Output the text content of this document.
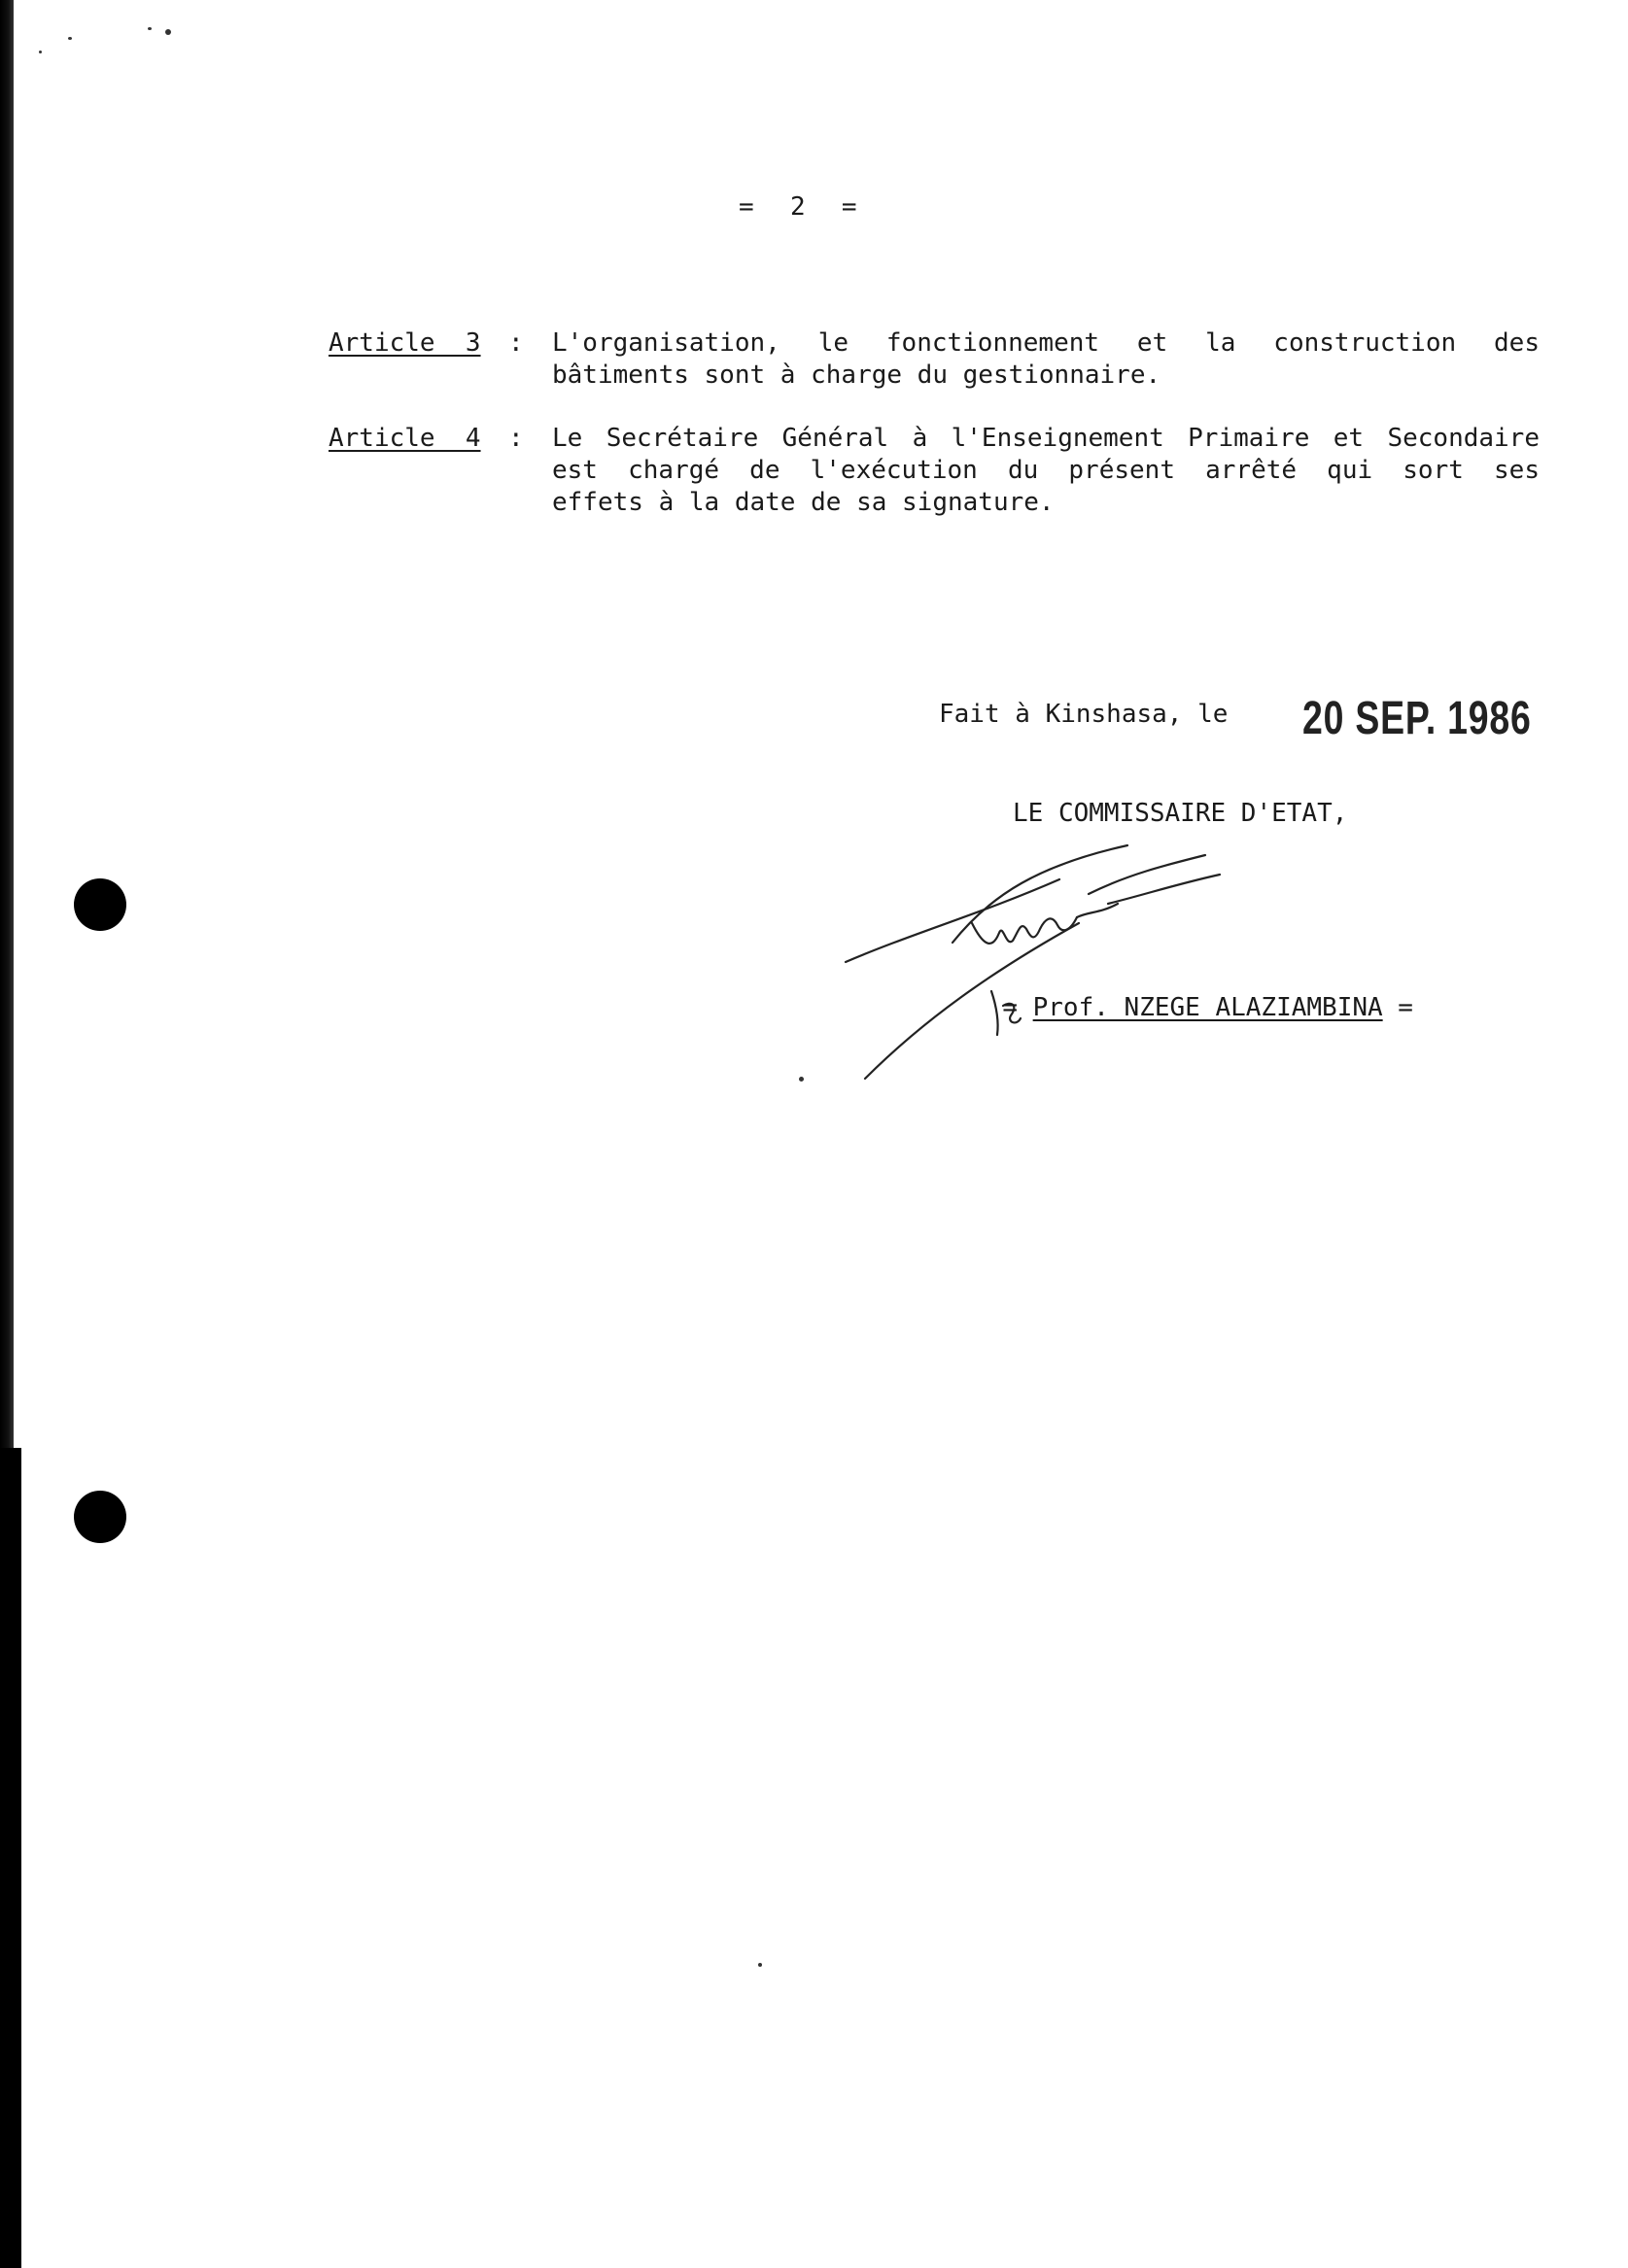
=  2  =
Article  3 : L'organisation, le fonctionnement et la construction des
bâtiments sont à charge du gestionnaire.
Article  4 : Le Secrétaire Général à l'Enseignement Primaire et Secondaire
est chargé de l'exécution du présent arrêté qui sort ses
effets à la date de sa signature.
Fait à Kinshasa, le 20 SEP. 1986
LE COMMISSAIRE D'ETAT,

= Prof. NZEGE ALAZIAMBINA =
